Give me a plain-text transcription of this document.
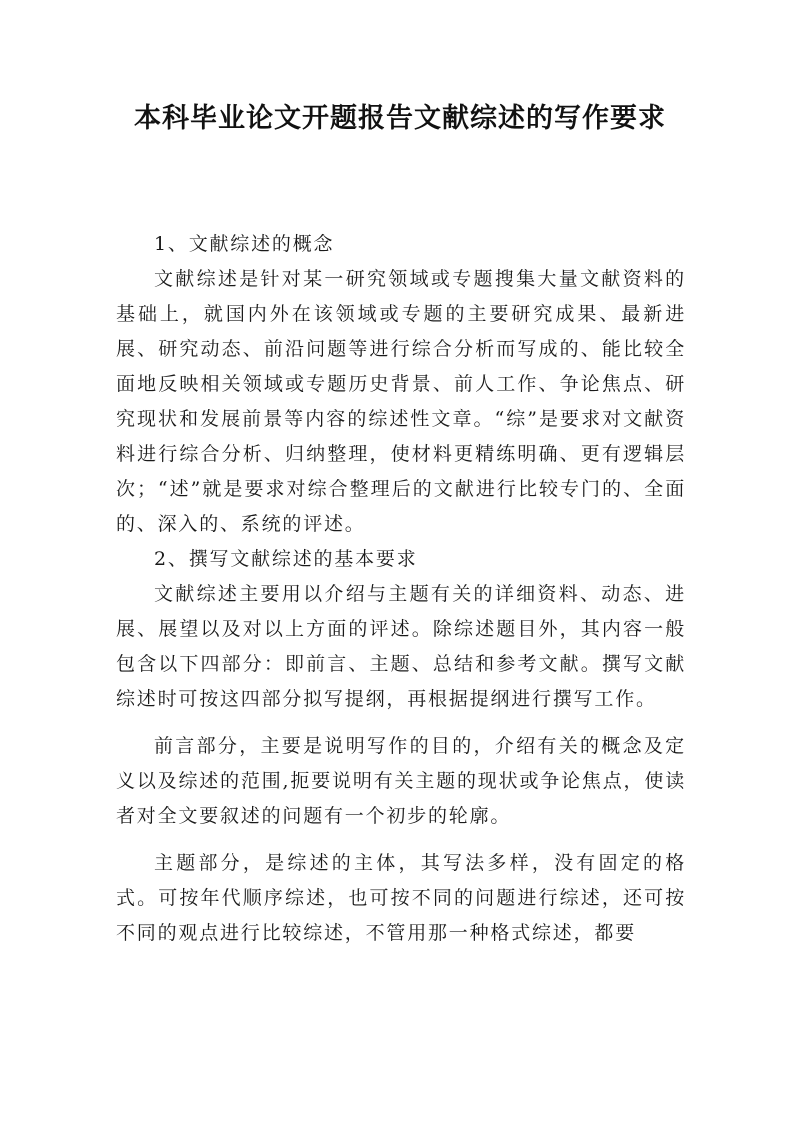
本科毕业论文开题报告文献综述的写作要求

1、文献综述的概念

文献综述是针对某一研究领域或专题搜集大量文献资料的基础上，就国内外在该领域或专题的主要研究成果、最新进展、研究动态、前沿问题等进行综合分析而写成的、能比较全面地反映相关领域或专题历史背景、前人工作、争论焦点、研究现状和发展前景等内容的综述性文章。“综”是要求对文献资料进行综合分析、归纳整理，使材料更精练明确、更有逻辑层次；“述”就是要求对综合整理后的文献进行比较专门的、全面的、深入的、系统的评述。

2、撰写文献综述的基本要求

文献综述主要用以介绍与主题有关的详细资料、动态、进展、展望以及对以上方面的评述。除综述题目外，其内容一般包含以下四部分：即前言、主题、总结和参考文献。撰写文献综述时可按这四部分拟写提纲，再根据提纲进行撰写工作。

前言部分，主要是说明写作的目的，介绍有关的概念及定义以及综述的范围,扼要说明有关主题的现状或争论焦点，使读者对全文要叙述的问题有一个初步的轮廓。

主题部分，是综述的主体，其写法多样，没有固定的格式。可按年代顺序综述，也可按不同的问题进行综述，还可按不同的观点进行比较综述，不管用那一种格式综述，都要
